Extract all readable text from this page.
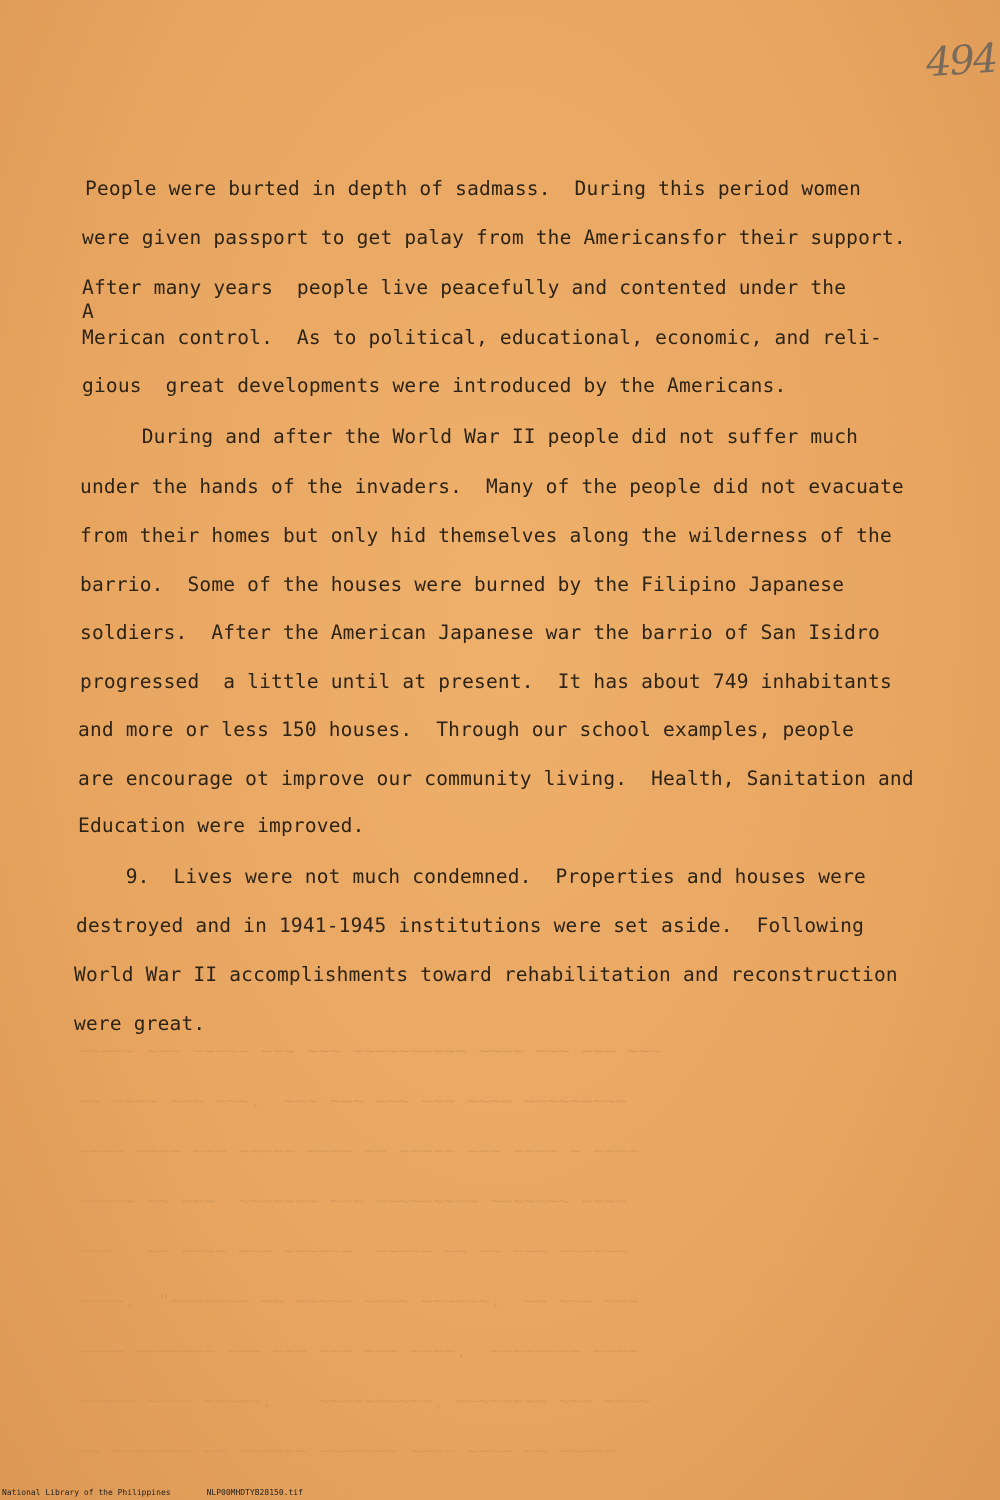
~~~~~ ~~~ ~~~~~ ~~~ ~~~ ~~~~~~~~~~ ~~~~ ~~~ ~~~ ~~~
~~ ~~~~ ~~~ ~~~.  ~~~ ~~~ ~~~ ~~~ ~~~~ ~~~~~~~~~
~~~~ ~~~~ ~~~ ~~~~~ ~~~~ ~~ ~~~~~ ~~~ ~~~~ ~ ~~~~
~~~~~ ~~ ~~~  ~~~~~~~ ~~~ ~~~~~~~~~ ~~~~~~~ ~~~~
~~~   ~~ ~~~~ ~~~ ~~~~~~  ~~~~~ ~~ ~~ ~~~ ~~~~~~
~~~~.  "~~~~~~~ ~~ ~~~~~ ~~~~ ~~~~~~.  ~~ ~~~ ~~~
~~~~ ~~~~~~~ ~~~ ~~~ ~~~ ~~~ ~~~~.  ~~~~~~~~ ~~~~
~~~~~ ~~~~ ~~~~~.    ~~~~~~~~~~, ~~~~~~~~ ~~~ ~~~~
~~ ~~~~~~~ ~~ ~~~~~~ ~~~~~~~ ~~~~ ~~~~ ~~ ~~~~~
494
People were burted in depth of sadmass.  During this period women
were given passport to get palay from the Americansfor their support.
After many years  people live peacefully and contented under the
A
Merican control.  As to political, educational, economic, and reli-
gious  great developments were introduced by the Americans.
During and after the World War II people did not suffer much
under the hands of the invaders.  Many of the people did not evacuate
from their homes but only hid themselves along the wilderness of the
barrio.  Some of the houses were burned by the Filipino Japanese
soldiers.  After the American Japanese war the barrio of San Isidro
progressed  a little until at present.  It has about 749 inhabitants
and more or less 150 houses.  Through our school examples, people
are encourage ot improve our community living.  Health, Sanitation and
Education were improved.
9.  Lives were not much condemned.  Properties and houses were
destroyed and in 1941-1945 institutions were set aside.  Following
World War II accomplishments toward rehabilitation and reconstruction
were great.
National Library of the Philippines	NLP00MHDTYB28150.tif
